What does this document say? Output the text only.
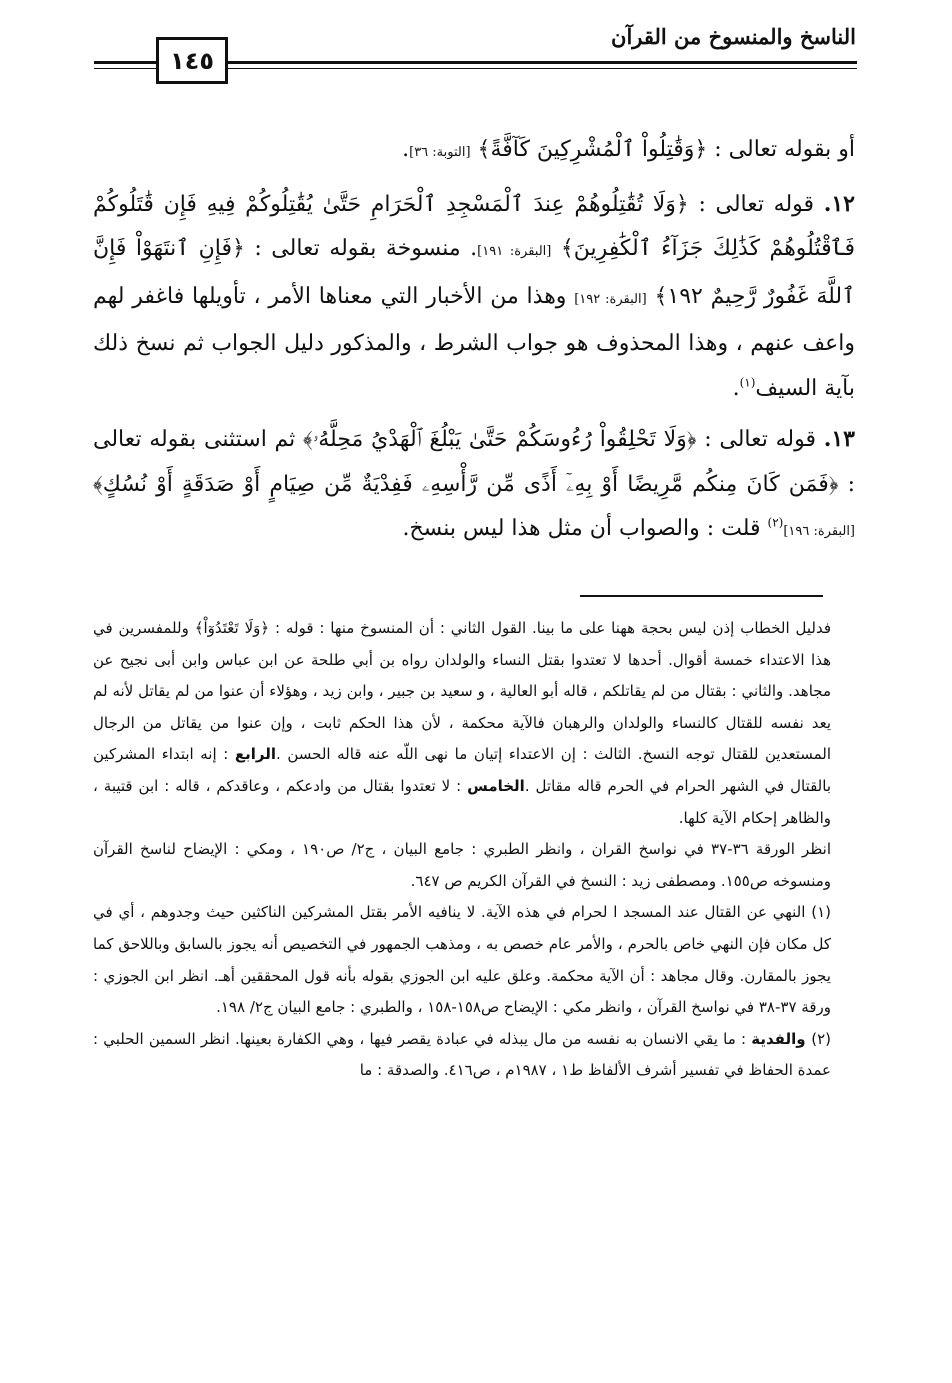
الناسخ والمنسوخ من القرآن
١٤٥

أو بقوله تعالى : ﴿وَقَٰتِلُواْ ٱلْمُشْرِكِينَ كَآفَّةً﴾ [التوبة: ٣٦].

١٢. قوله تعالى : ﴿وَلَا تُقَٰتِلُوهُمْ عِندَ ٱلْمَسْجِدِ ٱلْحَرَامِ حَتَّىٰ يُقَٰتِلُوكُمْ فِيهِ فَإِن قَٰتَلُوكُمْ فَٱقْتُلُوهُمْ كَذَٰلِكَ جَزَآءُ ٱلْكَٰفِرِينَ﴾ [البقرة: ١٩١]. منسوخة بقوله تعالى : ﴿فَإِنِ ٱنتَهَوْاْ فَإِنَّ ٱللَّهَ غَفُورٌ رَّحِيمٌ ١٩٢﴾ [البقرة: ١٩٢] وهذا من الأخبار التي معناها الأمر ، تأويلها فاغفر لهم واعف عنهم ، وهذا المحذوف هو جواب الشرط ، والمذكور دليل الجواب ثم نسخ ذلك بآية السيف$^{(١)}$.

١٣. قوله تعالى : ﴿وَلَا تَحْلِقُواْ رُءُوسَكُمْ حَتَّىٰ يَبْلُغَ ٱلْهَدْيُ مَحِلَّهُۥ﴾ ثم استثنى بقوله تعالى : ﴿فَمَن كَانَ مِنكُم مَّرِيضًا أَوْ بِهِۦٓ أَذًى مِّن رَّأْسِهِۦ فَفِدْيَةٌ مِّن صِيَامٍ أَوْ صَدَقَةٍ أَوْ نُسُكٍ﴾ [البقرة: ١٩٦]$^{(٢)}$ قلت : والصواب أن مثل هذا ليس بنسخ.

فدليل الخطاب إذن ليس بحجة ههنا على ما بينا. القول الثاني : أن المنسوخ منها : قوله : ﴿وَلَا تَعْتَدُوٓاْ﴾ وللمفسرين في هذا الاعتداء خمسة أقوال. أحدها لا تعتدوا بقتل النساء والولدان رواه بن أبي طلحة عن ابن عباس وابن أبى نجيح عن مجاهد. والثاني : بقتال من لم يقاتلكم ، قاله أبو العالية ، و سعيد بن جبير ، وابن زيد ، وهؤلاء أن عنوا من لم يقاتل لأنه لم يعد نفسه للقتال كالنساء والولدان والرهبان فالآية محكمة ، لأن هذا الحكم ثابت ، وإن عنوا من يقاتل من الرجال المستعدين للقتال توجه النسخ. الثالث : إن الاعتداء إتيان ما نهى اللّه عنه قاله الحسن .الرابع : إنه ابتداء المشركين بالقتال في الشهر الحرام في الحرم قاله مقاتل .الخامس : لا تعتدوا بقتال من وادعكم ، وعاقدكم ، قاله : ابن قتيبة ، والظاهر إحكام الآية كلها.

انظر الورقة ٣٦-٣٧ في نواسخ القران ، وانظر الطبري : جامع البيان ، ج٢/ ص١٩٠ ، ومكي : الإيضاح لناسخ القرآن ومنسوخه ص١٥٥. ومصطفى زيد : النسخ في القرآن الكريم ص ٦٤٧.

(١) النهي عن القتال عند المسجد ا لحرام في هذه الآية. لا ينافيه الأمر بقتل المشركين الناكثين حيث وجدوهم ، أي في كل مكان فإن النهي خاص بالحرم ، والأمر عام خصص به ، ومذهب الجمهور في التخصيص أنه يجوز بالسابق وباللاحق كما يجوز بالمقارن. وقال مجاهد : أن الآية محكمة. وعلق عليه ابن الجوزي بقوله بأنه قول المحققين أهـ. انظر ابن الجوزي : ورقة ٣٧-٣٨ في نواسخ القرآن ، وانظر مكي : الإيضاح ص١٥٨-١٥٨ ، والطبري : جامع البيان ج٢/ ١٩٨.

(٢) والفدية : ما يقي الانسان به نفسه من مال يبذله في عبادة يقصر فيها ، وهي الكفارة بعينها. انظر السمين الحلبي : عمدة الحفاظ في تفسير أشرف الألفاظ ط١ ، ١٩٨٧م ، ص٤١٦. والصدقة : ما
